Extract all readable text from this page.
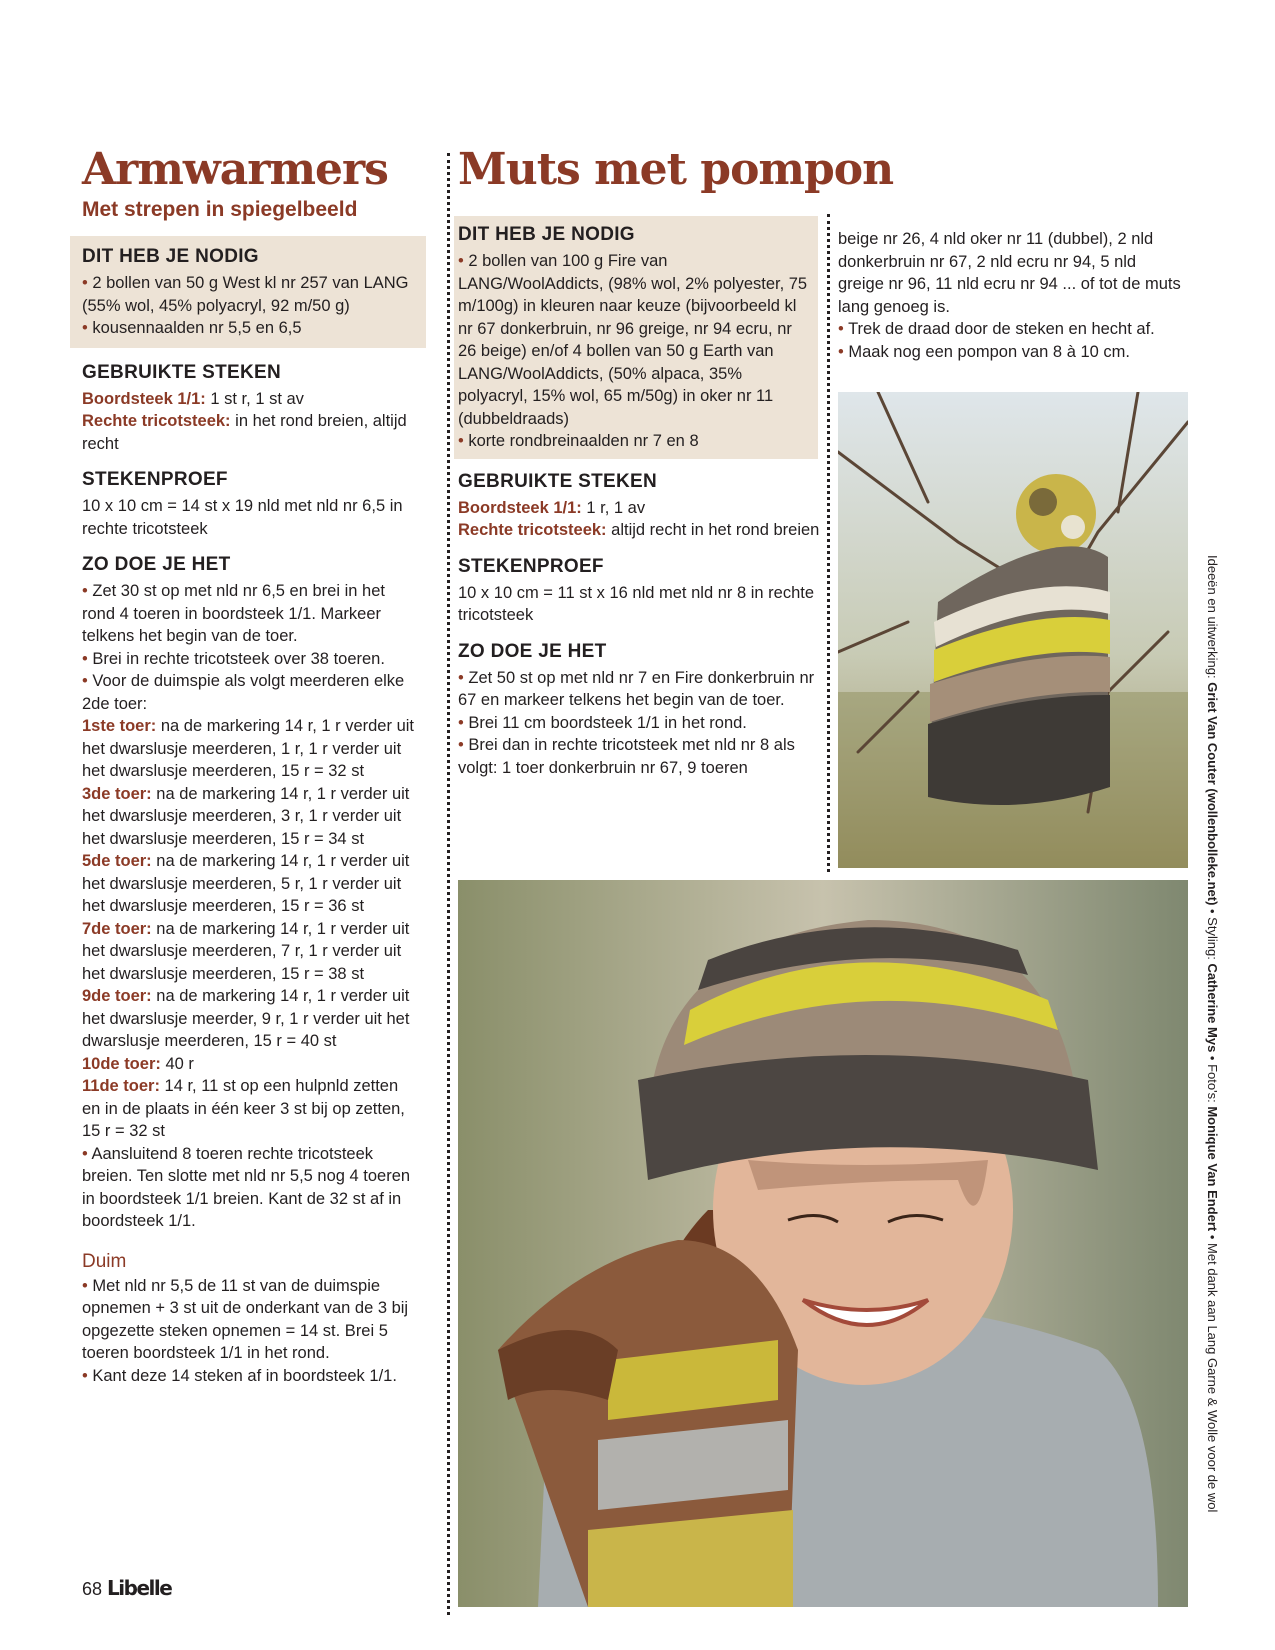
Armwarmers

Met strepen in spiegelbeeld

DIT HEB JE NODIG

• 2 bollen van 50 g West kl nr 257 van LANG (55% wol, 45% polyacryl, 92 m/50 g)

• kousennaalden nr 5,5 en 6,5

GEBRUIKTE STEKEN

Boordsteek 1/1: 1 st r, 1 st av

Rechte tricotsteek: in het rond breien, altijd recht

STEKENPROEF

10 x 10 cm = 14 st x 19 nld met nld nr 6,5 in rechte tricotsteek

ZO DOE JE HET

• Zet 30 st op met nld nr 6,5 en brei in het rond 4 toeren in boordsteek 1/1. Markeer telkens het begin van de toer.

• Brei in rechte tricotsteek over 38 toeren.

• Voor de duimspie als volgt meerderen elke 2de toer:

1ste toer: na de markering 14 r, 1 r verder uit het dwarslusje meerderen, 1 r, 1 r verder uit het dwarslusje meerderen, 15 r = 32 st

3de toer: na de markering 14 r, 1 r verder uit het dwarslusje meerderen, 3 r, 1 r verder uit het dwarslusje meerderen, 15 r = 34 st

5de toer: na de markering 14 r, 1 r verder uit het dwarslusje meerderen, 5 r, 1 r verder uit het dwarslusje meerderen, 15 r = 36 st

7de toer: na de markering 14 r, 1 r verder uit het dwarslusje meerderen, 7 r, 1 r verder uit het dwarslusje meerderen, 15 r = 38 st

9de toer: na de markering 14 r, 1 r verder uit het dwarslusje meerder, 9 r, 1 r verder uit het dwarslusje meerderen, 15 r = 40 st

10de toer: 40 r

11de toer: 14 r, 11 st op een hulpnld zetten en in de plaats in één keer 3 st bij op zetten, 15 r = 32 st

• Aansluitend 8 toeren rechte tricotsteek breien. Ten slotte met nld nr 5,5 nog 4 toeren in boordsteek 1/1 breien. Kant de 32 st af in boordsteek 1/1.

Duim

• Met nld nr 5,5 de 11 st van de duimspie opnemen + 3 st uit de onderkant van de 3 bij opgezette steken opnemen = 14 st. Brei 5 toeren boordsteek 1/1 in het rond.

• Kant deze 14 steken af in boordsteek 1/1.

Muts met pompon
DIT HEB JE NODIG

• 2 bollen van 100 g Fire van LANG/WoolAddicts, (98% wol, 2% polyester, 75 m/100g) in kleuren naar keuze (bijvoorbeeld kl nr 67 donkerbruin, nr 96 greige, nr 94 ecru, nr 26 beige) en/of 4 bollen van 50 g Earth van LANG/WoolAddicts, (50% alpaca, 35% polyacryl, 15% wol, 65 m/50g) in oker nr 11 (dubbeldraads)

• korte rondbreinaalden nr 7 en 8

GEBRUIKTE STEKEN

Boordsteek 1/1: 1 r, 1 av

Rechte tricotsteek: altijd recht in het rond breien

STEKENPROEF

10 x 10 cm = 11 st x 16 nld met nld nr 8 in rechte tricotsteek

ZO DOE JE HET

• Zet 50 st op met nld nr 7 en Fire donkerbruin nr 67 en markeer telkens het begin van de toer.

• Brei 11 cm boordsteek 1/1 in het rond.

• Brei dan in rechte tricotsteek met nld nr 8 als volgt: 1 toer donkerbruin nr 67, 9 toeren

beige nr 26, 4 nld oker nr 11 (dubbel), 2 nld donkerbruin nr 67, 2 nld ecru nr 94, 5 nld greige nr 96, 11 nld ecru nr 94 ... of tot de muts lang genoeg is.

• Trek de draad door de steken en hecht af.

• Maak nog een pompon van 8 à 10 cm.

Ideeën en uitwerking: Griet Van Couter (wollenbolleke.net) • Styling: Catherine Mys • Foto's: Monique Van Endert • Met dank aan Lang Garne & Wolle voor de wol
68 Libelle
